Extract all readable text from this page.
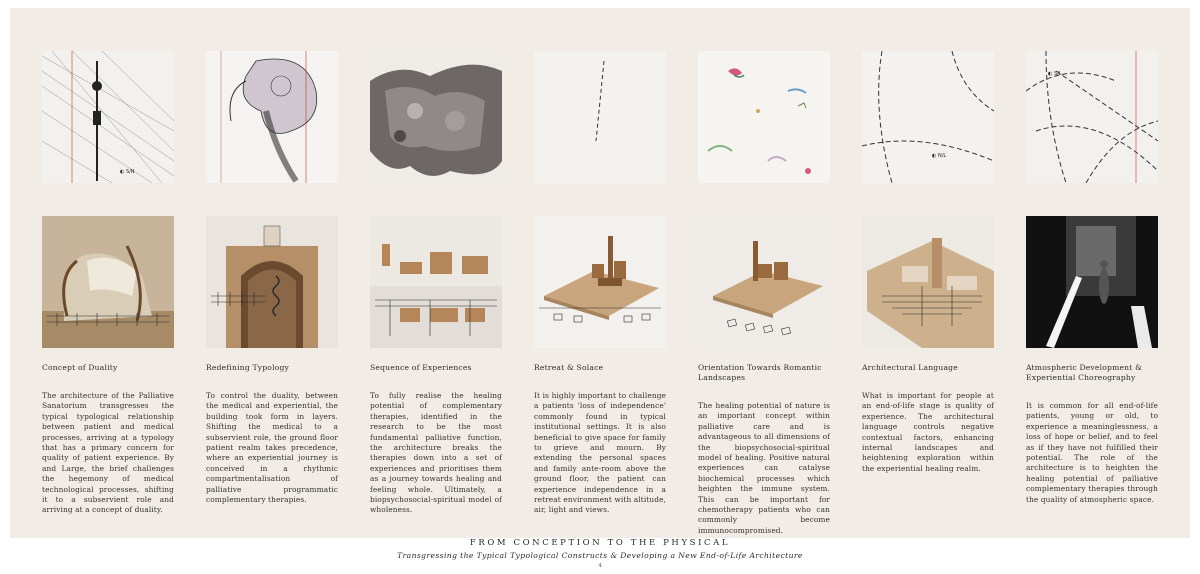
◐ S/N

Concept of Duality

The architecture of the Palliative Sanatorium transgresses the typical typological relationship between patient and medical processes, arriving at a typology that has a primary concern for quality of patient experience. By and Large, the brief challenges the hegemony of medical technological processes, shifting it to a subservient role and arriving at a concept of duality.

Redefining Typology

To control the duality, between the medical and experiential, the building took form in layers. Shifting the medical to a subservient role, the ground floor patient realm takes precedence, where an experiential journey is conceived in a rhythmic compartmentalisation of palliative programmatic complementary therapies.

Sequence of Experiences

To fully realise the healing potential of complementary therapies, identified in the research to be the most fundamental palliative function, the architecture breaks the therapies down into a set of experiences and prioritises them as a journey towards healing and feeling whole. Ultimately, a biopsychosocial-spiritual model of wholeness.

Retreat & Solace

It is highly important to challenge a patients 'loss of independence' commonly found in typical institutional settings. It is also beneficial to give space for family to grieve and mourn. By extending the personal spaces and family ante-room above the ground floor, the patient can experience independence in a retreat environment with altitude, air, light and views.

Orientation Towards Romantic Landscapes

The healing potential of nature is an important concept within palliative care and is advantageous to all dimensions of the biopsychosocial-spiritual model of healing. Positive natural experiences can catalyse biochemical processes which heighten the immune system. This can be important for chemotherapy patients who can commonly become immunocompromised.

◐ N/L

Architectural Language

What is important for people at an end-of-life stage is quality of experience. The architectural language controls negative contextual factors, enhancing internal landscapes and heightening exploration within the experiential healing realm.

◐ S/L

Atmospheric Development & Experiential Choreography

It is common for all end-of-life patients, young or old, to experience a meaninglessness, a loss of hope or belief, and to feel as if they have not fulfilled their potential. The role of the architecture is to heighten the healing potential of palliative complementary therapies through the quality of atmospheric space.

FROM CONCEPTION TO THE PHYSICAL
Transgressing the Typical Typological Constructs & Developing a New End-of-Life Architecture
4
